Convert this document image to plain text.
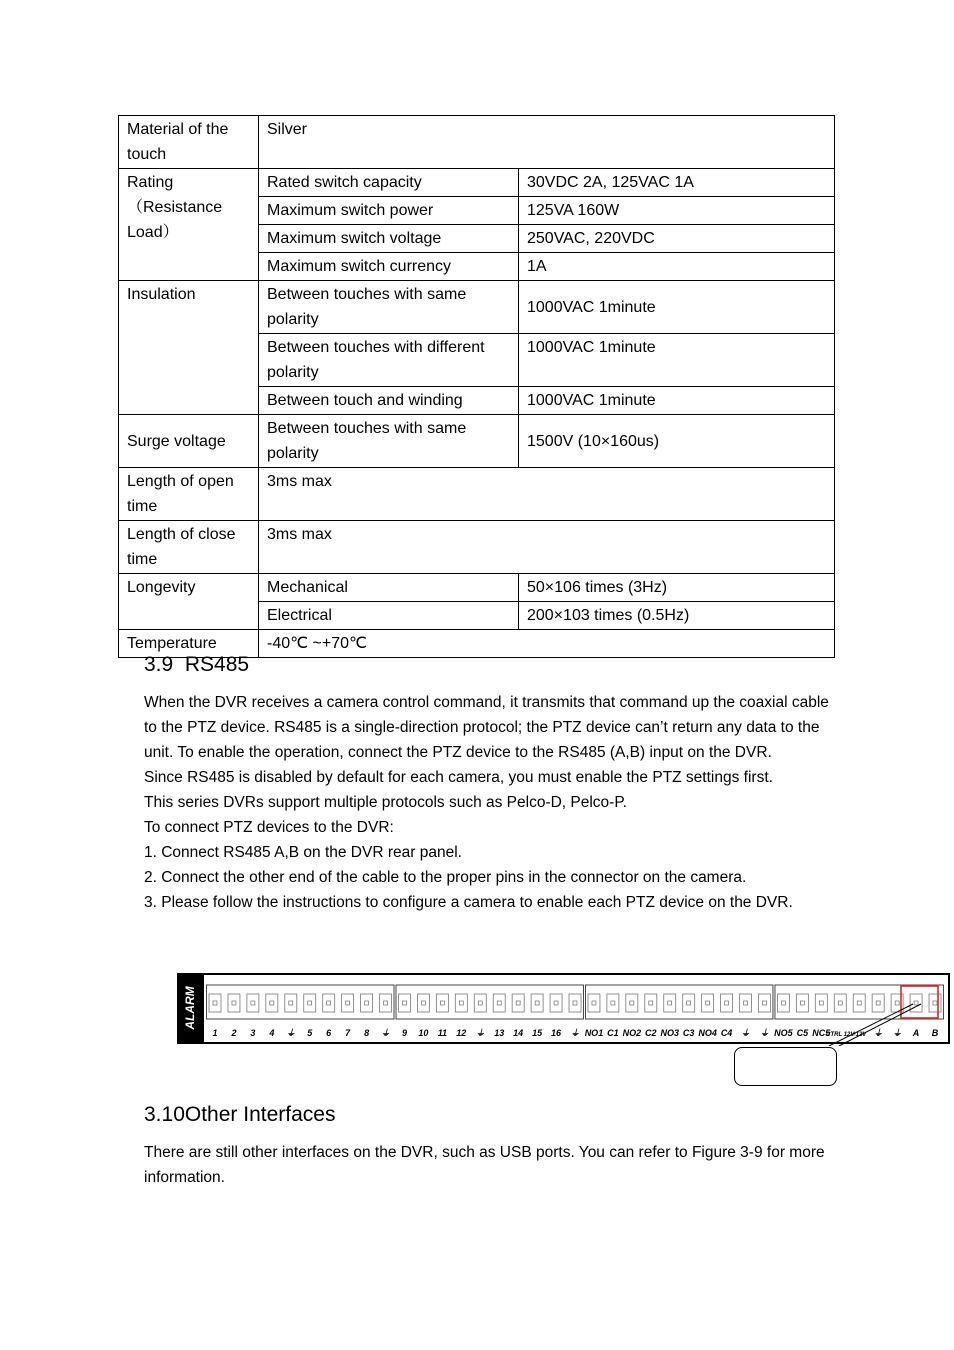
Material of the touch	Silver	
Rating
（Resistance
Load）	Rated switch capacity	30VDC 2A, 125VAC 1A
	Maximum switch power	125VA 160W
	Maximum switch voltage	250VAC, 220VDC
	Maximum switch currency	1A
Insulation	Between touches with same polarity	1000VAC 1minute
	Between touches with different polarity	1000VAC 1minute
	Between touch and winding	1000VAC 1minute
Surge voltage	Between touches with same polarity	1500V (10×160us)
Length of open time	3ms max	
Length of close time	3ms max	
Longevity	Mechanical	50×106 times (3Hz)
	Electrical	200×103 times (0.5Hz)
Temperature	-40℃ ~+70℃	
3.9 RS485

When the DVR receives a camera control command, it transmits that command up the coaxial cable to the PTZ device. RS485 is a single-direction protocol; the PTZ device can’t return any data to the unit. To enable the operation, connect the PTZ device to the RS485 (A,B) input on the DVR.

Since RS485 is disabled by default for each camera, you must enable the PTZ settings first.

This series DVRs support multiple protocols such as Pelco-D, Pelco-P.

To connect PTZ devices to the DVR:

1. Connect RS485 A,B on the DVR rear panel.

2. Connect the other end of the cable to the proper pins in the connector on the camera.

3. Please follow the instructions to configure a camera to enable each PTZ device on the DVR.

ALARM
1 2 3 4 ⏚ 5 6 7 8 ⏚ 9 10 11 12 ⏚ 13 14 15 16 ⏚ NO1 C1 NO2 C2 NO3 C3 NO4 C4 ⏚ ⏚ NO5 C5 NC5
CTRL 12V
+12V ⏚ ⏚ A B
3.10Other Interfaces

There are still other interfaces on the DVR, such as USB ports. You can refer to Figure 3-9 for more information.
